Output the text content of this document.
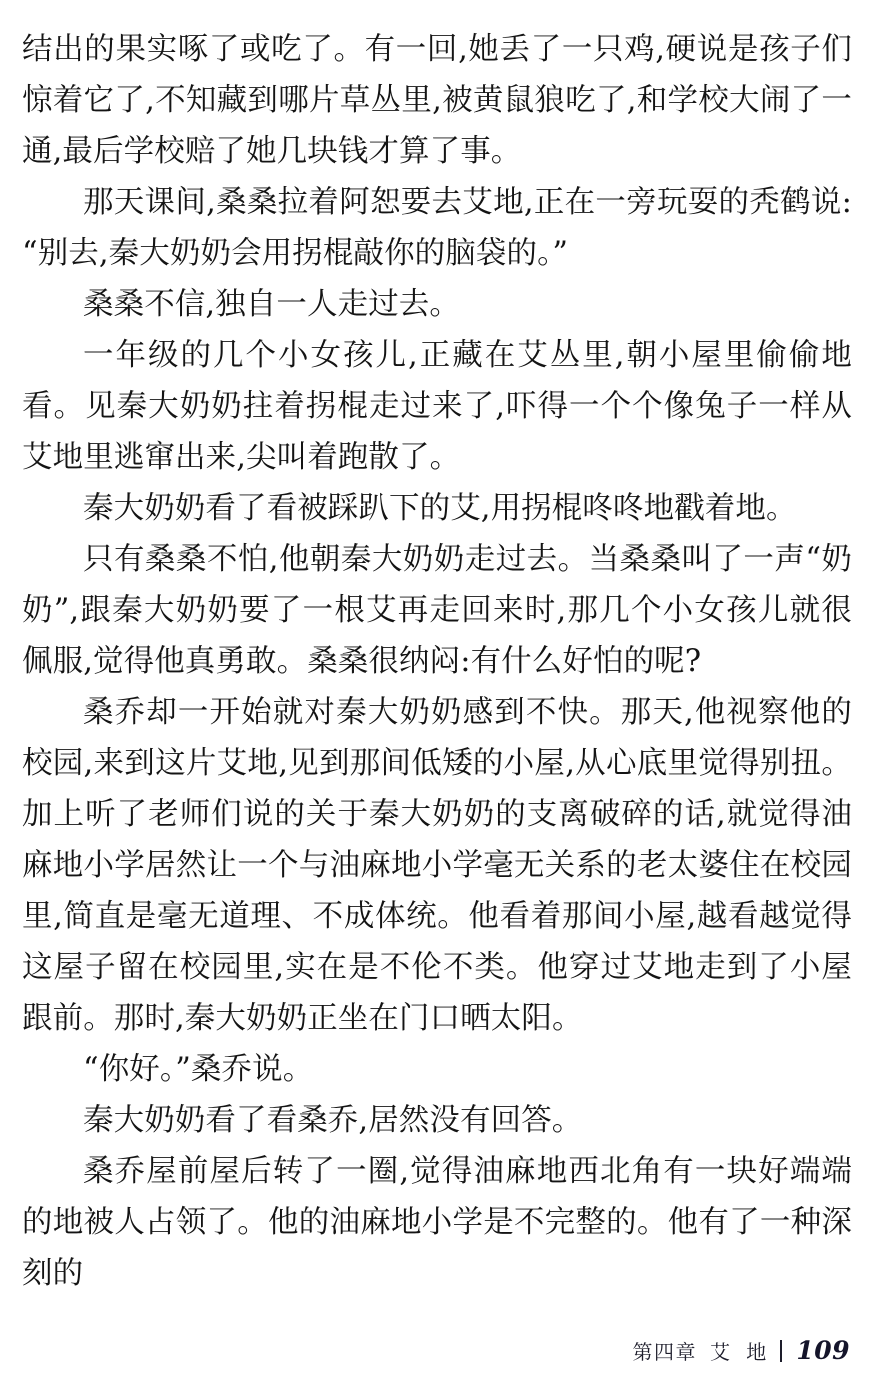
结出的果实啄了或吃了。有一回,她丢了一只鸡,硬说是孩子们惊着它了,不知藏到哪片草丛里,被黄鼠狼吃了,和学校大闹了一通,最后学校赔了她几块钱才算了事。

那天课间,桑桑拉着阿恕要去艾地,正在一旁玩耍的秃鹤说:“别去,秦大奶奶会用拐棍敲你的脑袋的。”

桑桑不信,独自一人走过去。

一年级的几个小女孩儿,正藏在艾丛里,朝小屋里偷偷地看。见秦大奶奶拄着拐棍走过来了,吓得一个个像兔子一样从艾地里逃窜出来,尖叫着跑散了。

秦大奶奶看了看被踩趴下的艾,用拐棍咚咚地戳着地。

只有桑桑不怕,他朝秦大奶奶走过去。当桑桑叫了一声“奶奶”,跟秦大奶奶要了一根艾再走回来时,那几个小女孩儿就很佩服,觉得他真勇敢。桑桑很纳闷:有什么好怕的呢?

桑乔却一开始就对秦大奶奶感到不快。那天,他视察他的校园,来到这片艾地,见到那间低矮的小屋,从心底里觉得别扭。加上听了老师们说的关于秦大奶奶的支离破碎的话,就觉得油麻地小学居然让一个与油麻地小学毫无关系的老太婆住在校园里,简直是毫无道理、不成体统。他看着那间小屋,越看越觉得这屋子留在校园里,实在是不伦不类。他穿过艾地走到了小屋跟前。那时,秦大奶奶正坐在门口晒太阳。

“你好。”桑乔说。

秦大奶奶看了看桑乔,居然没有回答。

桑乔屋前屋后转了一圈,觉得油麻地西北角有一块好端端的地被人占领了。他的油麻地小学是不完整的。他有了一种深刻的

第四章 艾 地 109
